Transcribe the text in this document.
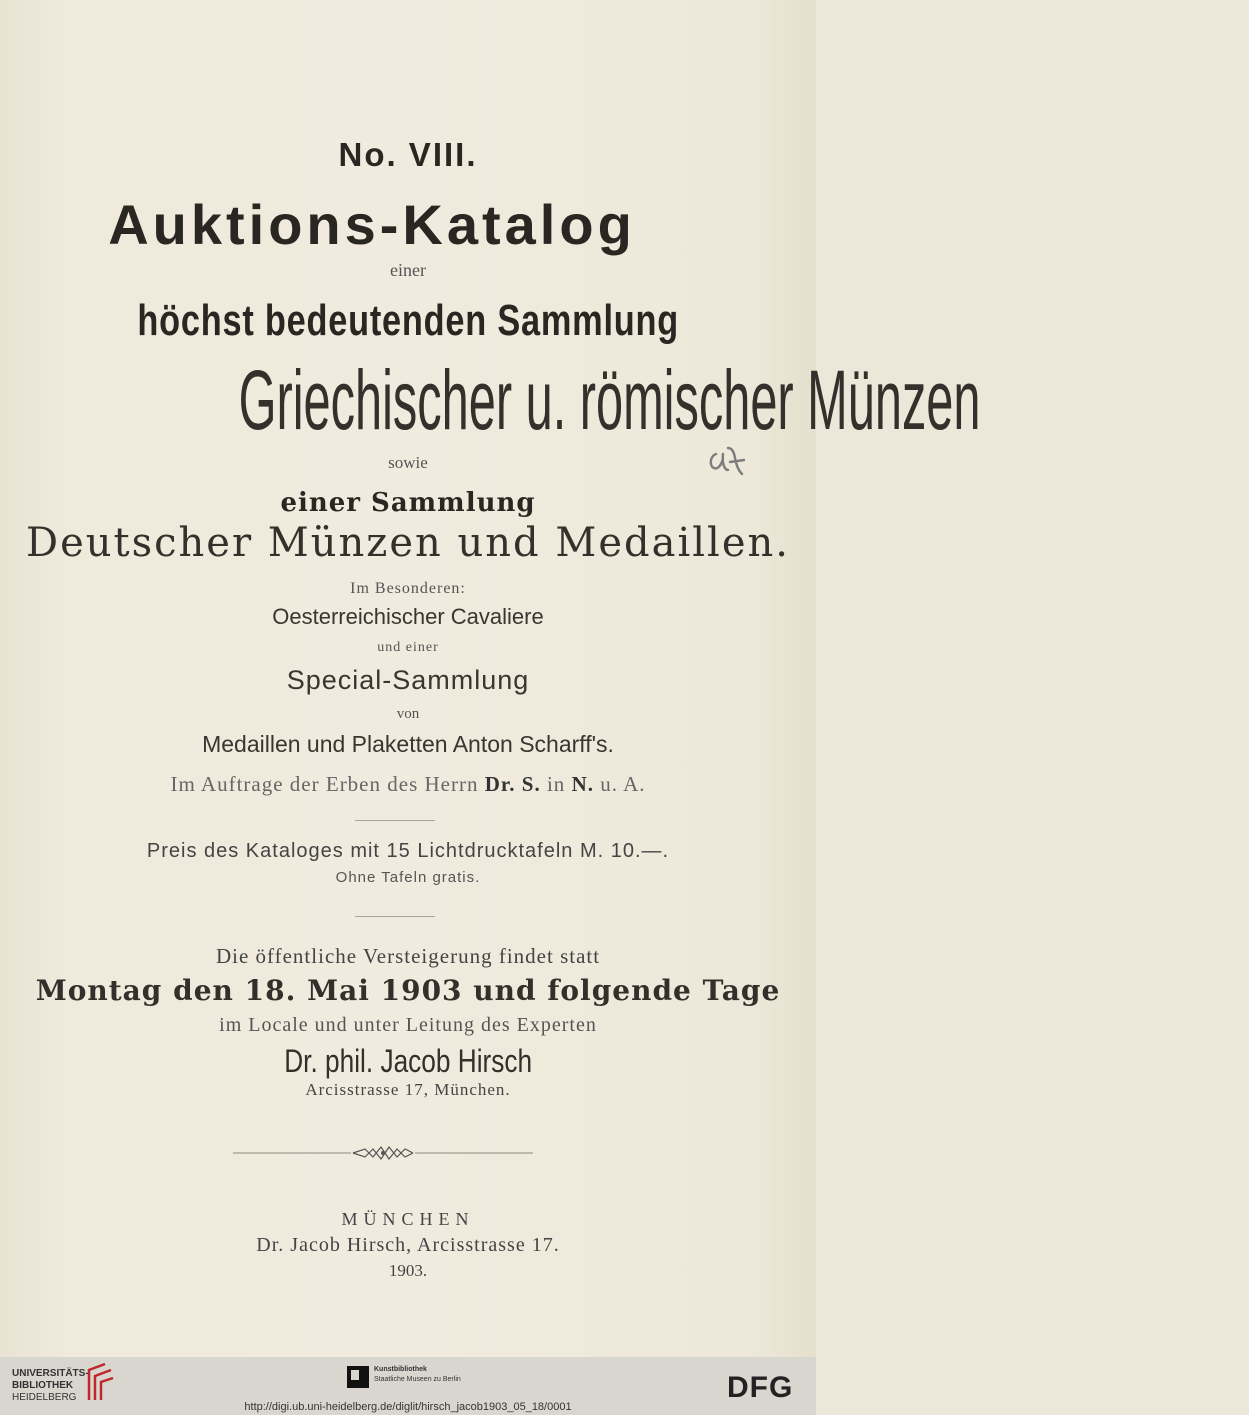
No. VIII.
Auktions-Katalog
einer
höchst bedeutenden Sammlung
Griechischer u. römischer Münzen
sowie
einer Sammlung
Deutscher Münzen und Medaillen.
Im Besonderen:
Oesterreichischer Cavaliere
und einer
Special-Sammlung
von
Medaillen und Plaketten Anton Scharff's.
Im Auftrage der Erben des Herrn Dr. S. in N. u. A.
Preis des Kataloges mit 15 Lichtdrucktafeln M. 10.—.
Ohne Tafeln gratis.
Die öffentliche Versteigerung findet statt
Montag den 18. Mai 1903 und folgende Tage
im Locale und unter Leitung des Experten
Dr. phil. Jacob Hirsch
Arcisstrasse 17, München.
MÜNCHEN
Dr. Jacob Hirsch, Arcisstrasse 17.
1903.
UNIVERSITÄTS-
BIBLIOTHEK
HEIDELBERG
Kunstbibliothek
Staatliche Museen zu Berlin	DFG
http://digi.ub.uni-heidelberg.de/diglit/hirsch_jacob1903_05_18/0001
